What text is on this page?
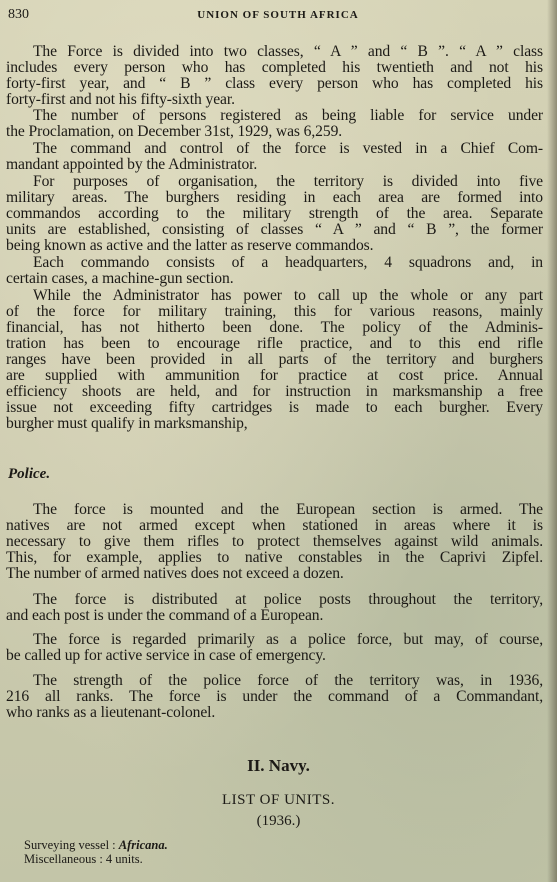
830	UNION OF SOUTH AFRICA
The Force is divided into two classes, “ A ” and “ B ”. “ A ” class
includes every person who has completed his twentieth and not his
forty-first year, and “ B ” class every person who has completed his
forty-first and not his fifty-sixth year.
The number of persons registered as being liable for service under
the Proclamation, on December 31st, 1929, was 6,259.
The command and control of the force is vested in a Chief Com-
mandant appointed by the Administrator.
For purposes of organisation, the territory is divided into five
military areas. The burghers residing in each area are formed into
commandos according to the military strength of the area. Separate
units are established, consisting of classes “ A ” and “ B ”, the former
being known as active and the latter as reserve commandos.
Each commando consists of a headquarters, 4 squadrons and, in
certain cases, a machine-gun section.
While the Administrator has power to call up the whole or any part
of the force for military training, this for various reasons, mainly
financial, has not hitherto been done. The policy of the Adminis-
tration has been to encourage rifle practice, and to this end rifle
ranges have been provided in all parts of the territory and burghers
are supplied with ammunition for practice at cost price. Annual
efficiency shoots are held, and for instruction in marksmanship a free
issue not exceeding fifty cartridges is made to each burgher. Every
burgher must qualify in marksmanship,
Police.
The force is mounted and the European section is armed. The
natives are not armed except when stationed in areas where it is
necessary to give them rifles to protect themselves against wild animals.
This, for example, applies to native constables in the Caprivi Zipfel.
The number of armed natives does not exceed a dozen.
The force is distributed at police posts throughout the territory,
and each post is under the command of a European.
The force is regarded primarily as a police force, but may, of course,
be called up for active service in case of emergency.
The strength of the police force of the territory was, in 1936,
216 all ranks. The force is under the command of a Commandant,
who ranks as a lieutenant-colonel.
II. Navy.
LIST OF UNITS.
(1936.)
Surveying vessel : Africana.
Miscellaneous : 4 units.
